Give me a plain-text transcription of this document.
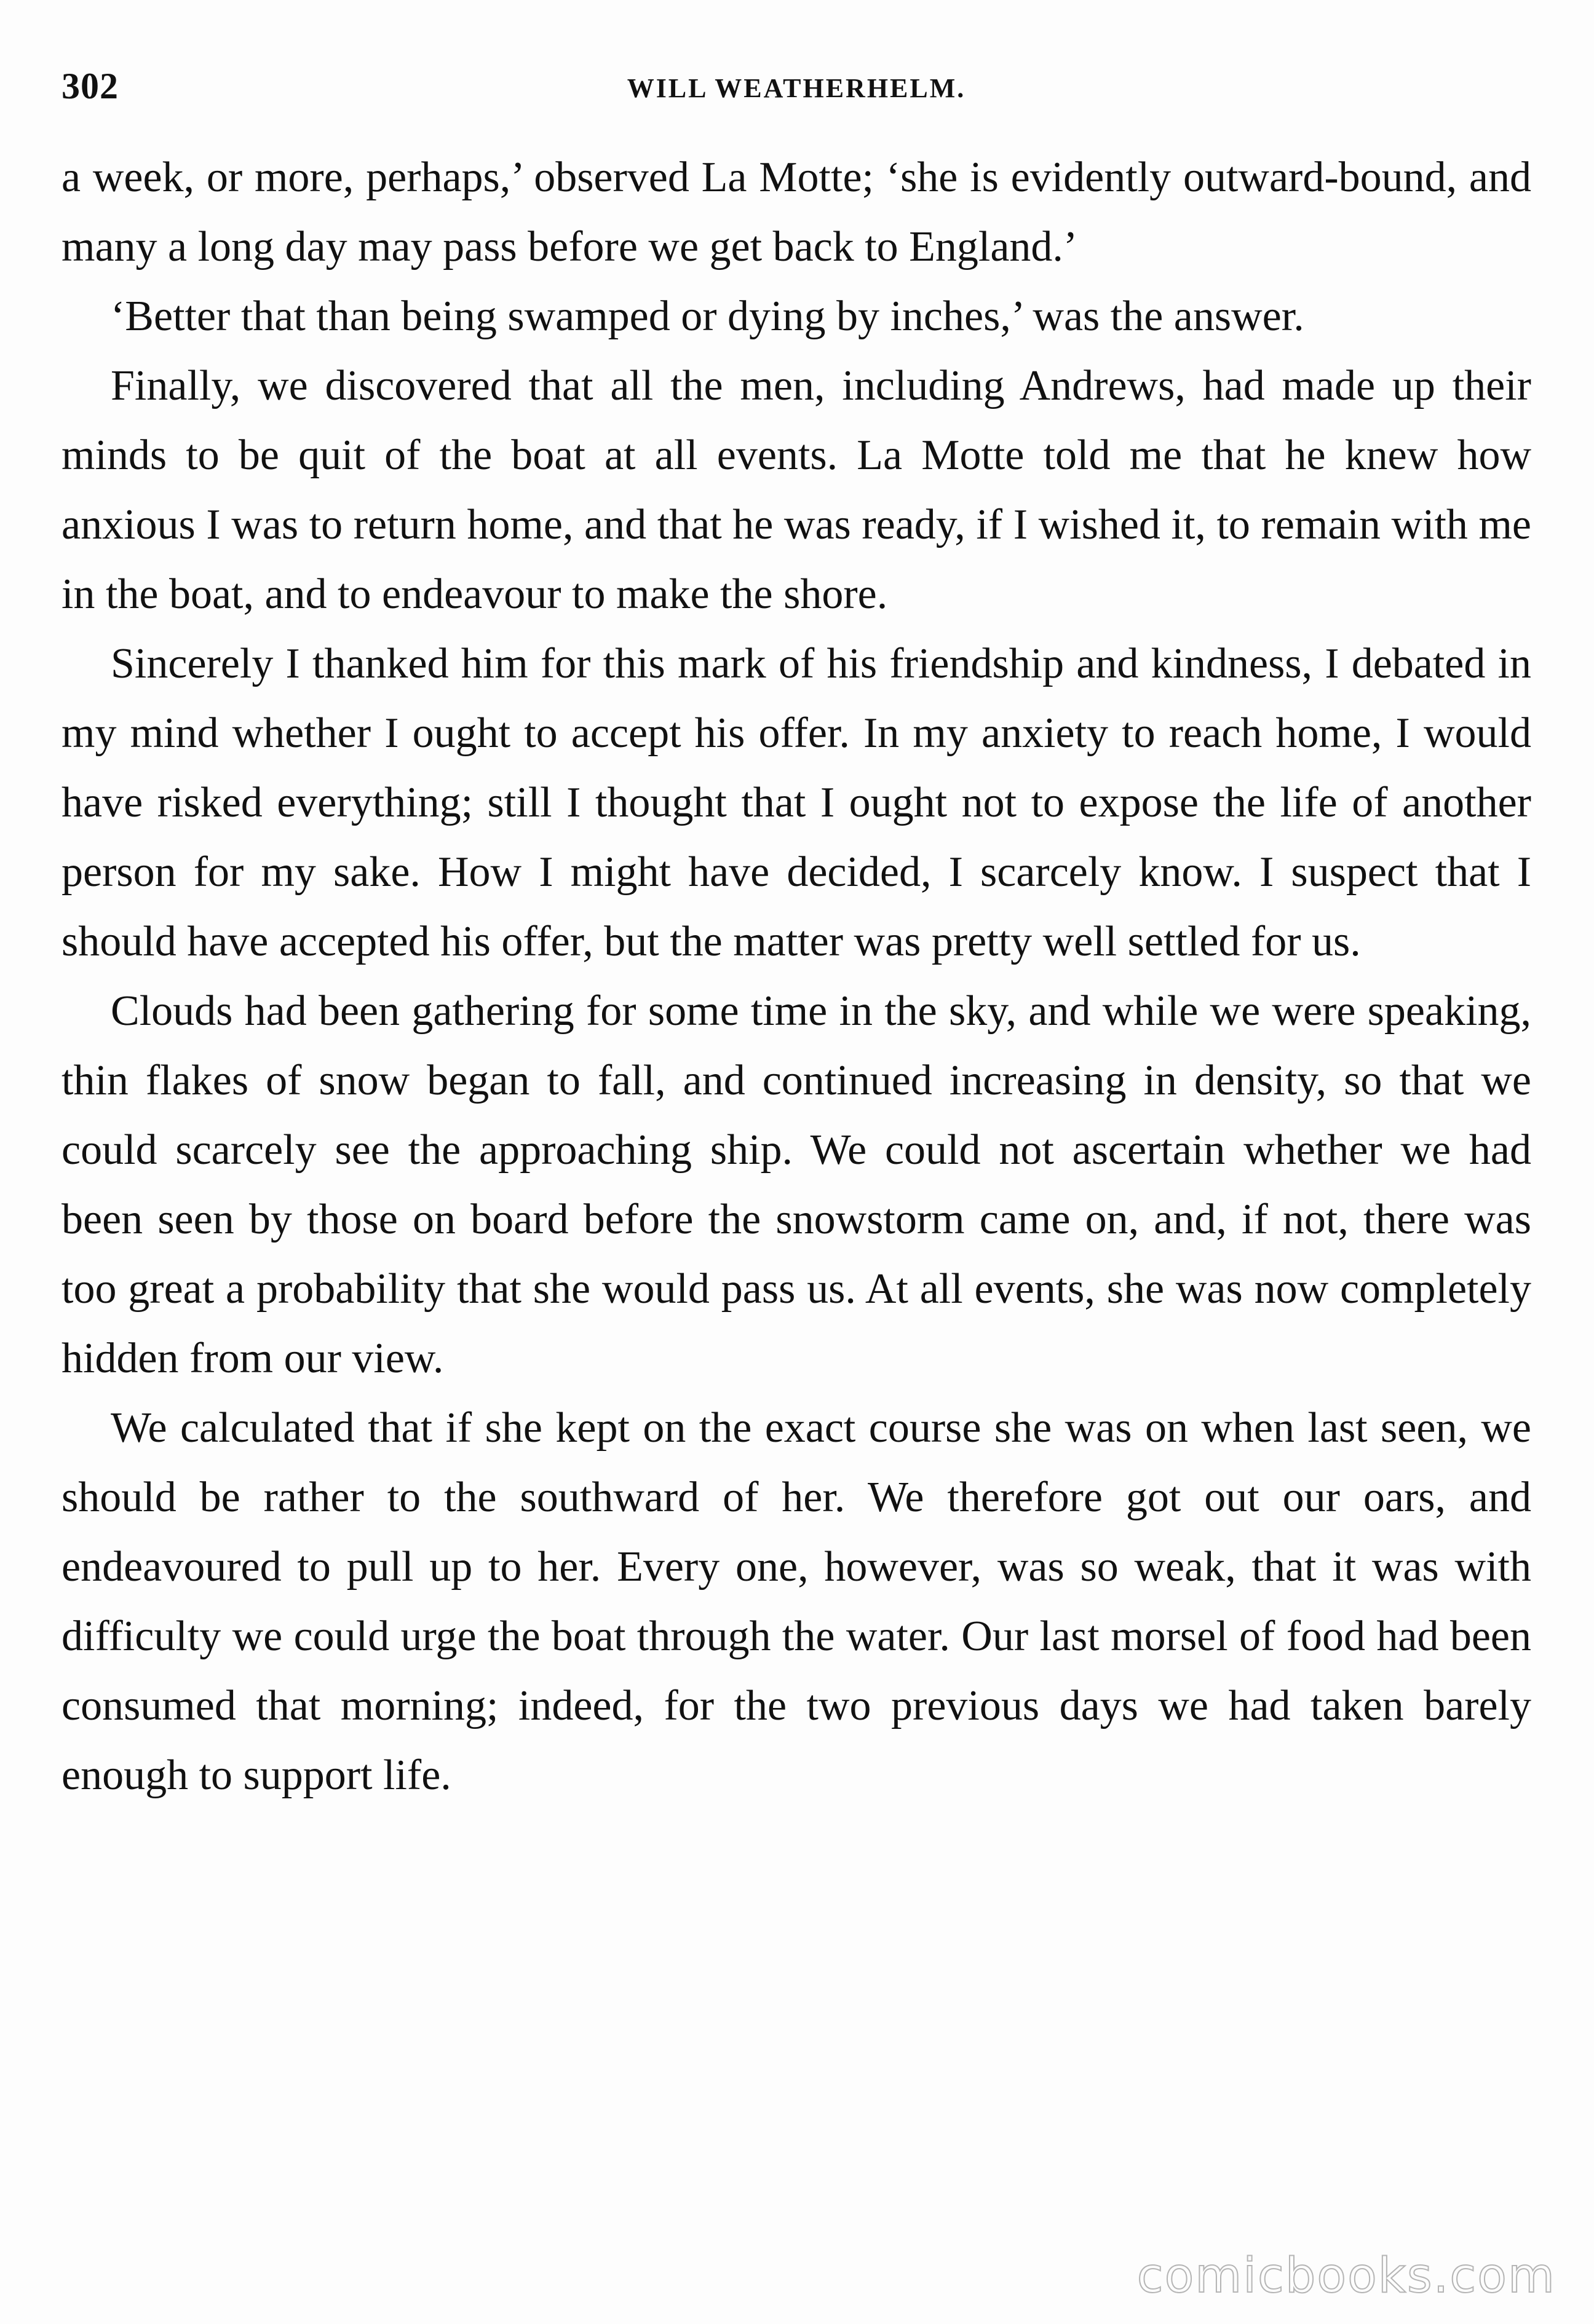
302	WILL WEATHERHELM.

a week, or more, perhaps,’ observed La Motte; ‘she is evidently outward-bound, and many a long day may pass before we get back to England.’

‘Better that than being swamped or dying by inches,’ was the answer.

Finally, we discovered that all the men, including Andrews, had made up their minds to be quit of the boat at all events. La Motte told me that he knew how anxious I was to return home, and that he was ready, if I wished it, to remain with me in the boat, and to endeavour to make the shore.

Sincerely I thanked him for this mark of his friendship and kindness, I debated in my mind whether I ought to accept his offer. In my anxiety to reach home, I would have risked everything; still I thought that I ought not to expose the life of another person for my sake. How I might have decided, I scarcely know. I suspect that I should have accepted his offer, but the matter was pretty well settled for us.

Clouds had been gathering for some time in the sky, and while we were speaking, thin flakes of snow began to fall, and continued increasing in density, so that we could scarcely see the approaching ship. We could not ascertain whether we had been seen by those on board before the snowstorm came on, and, if not, there was too great a probability that she would pass us. At all events, she was now completely hidden from our view.

We calculated that if she kept on the exact course she was on when last seen, we should be rather to the southward of her. We therefore got out our oars, and endeavoured to pull up to her. Every one, however, was so weak, that it was with difficulty we could urge the boat through the water. Our last morsel of food had been consumed that morning; indeed, for the two previous days we had taken barely enough to support life.

comicbooks.com
